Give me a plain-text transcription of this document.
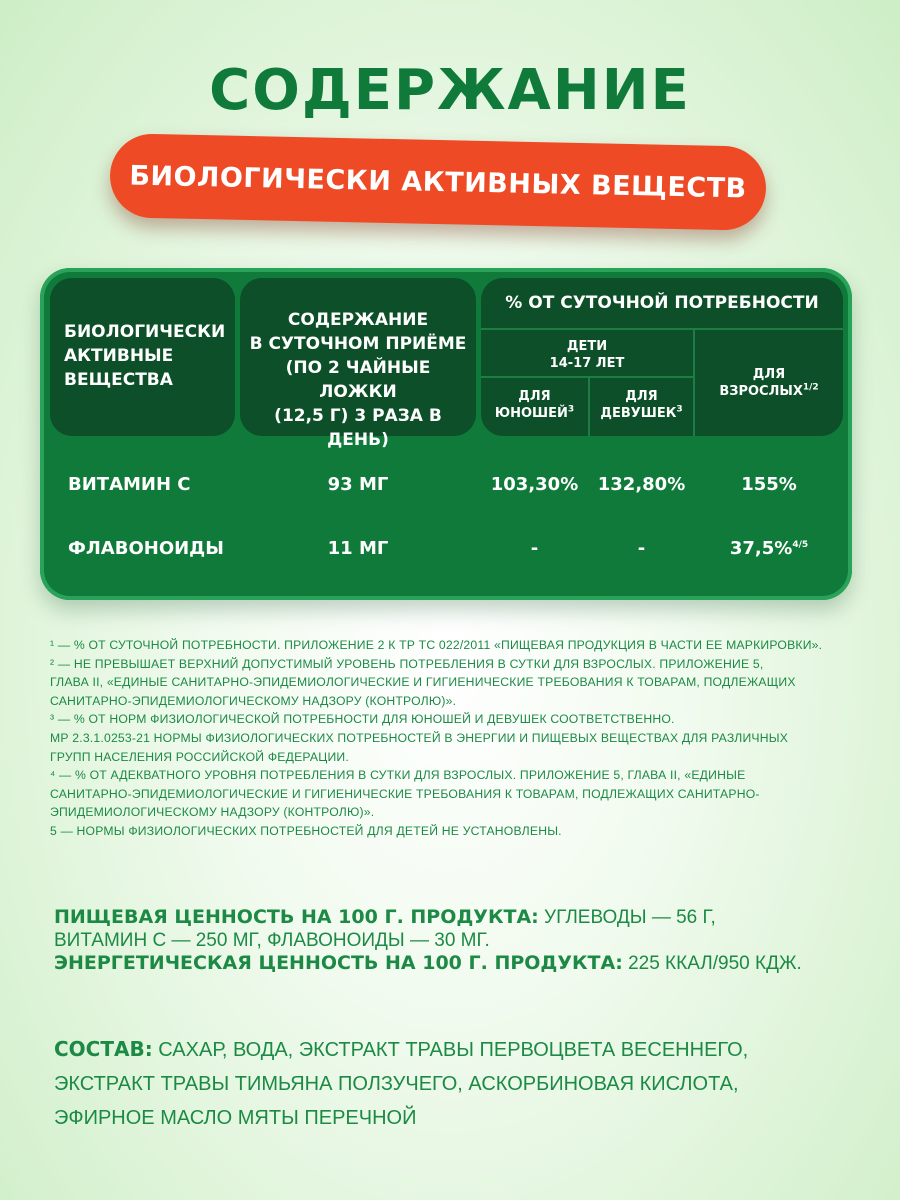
СОДЕРЖАНИЕ
БИОЛОГИЧЕСКИ АКТИВНЫХ ВЕЩЕСТВ
БИОЛОГИЧЕСКИ
АКТИВНЫЕ
ВЕЩЕСТВА
СОДЕРЖАНИЕ
В СУТОЧНОМ ПРИЁМЕ
(ПО 2 ЧАЙНЫЕ ЛОЖКИ
(12,5 Г) 3 РАЗА В ДЕНЬ)
% ОТ СУТОЧНОЙ ПОТРЕБНОСТИ
ДЕТИ
14-17 ЛЕТ
ДЛЯ
ЮНОШЕЙ$^3$
ДЛЯ
ДЕВУШЕК$^3$
ДЛЯ
$ВЗРОСЛЫХ^{1/2}$
ВИТАМИН С	93 МГ	103,30%	132,80%	155%
ФЛАВОНОИДЫ	11 МГ	-	-	37,5%$^{4/5}$
¹ — % ОТ СУТОЧНОЙ ПОТРЕБНОСТИ. ПРИЛОЖЕНИЕ 2 К ТР ТС 022/2011 «ПИЩЕВАЯ ПРОДУКЦИЯ В ЧАСТИ ЕЕ МАРКИРОВКИ».
² — НЕ ПРЕВЫШАЕТ ВЕРХНИЙ ДОПУСТИМЫЙ УРОВЕНЬ ПОТРЕБЛЕНИЯ В СУТКИ ДЛЯ ВЗРОСЛЫХ. ПРИЛОЖЕНИЕ 5,
ГЛАВА II, «ЕДИНЫЕ САНИТАРНО-ЭПИДЕМИОЛОГИЧЕСКИЕ И ГИГИЕНИЧЕСКИЕ ТРЕБОВАНИЯ К ТОВАРАМ, ПОДЛЕЖАЩИХ
САНИТАРНО-ЭПИДЕМИОЛОГИЧЕСКОМУ НАДЗОРУ (КОНТРОЛЮ)».
³ — % ОТ НОРМ ФИЗИОЛОГИЧЕСКОЙ ПОТРЕБНОСТИ ДЛЯ ЮНОШЕЙ И ДЕВУШЕК СООТВЕТСТВЕННО.
МР 2.3.1.0253-21 НОРМЫ ФИЗИОЛОГИЧЕСКИХ ПОТРЕБНОСТЕЙ В ЭНЕРГИИ И ПИЩЕВЫХ ВЕЩЕСТВАХ ДЛЯ РАЗЛИЧНЫХ
ГРУПП НАСЕЛЕНИЯ РОССИЙСКОЙ ФЕДЕРАЦИИ.
⁴ — % ОТ АДЕКВАТНОГО УРОВНЯ ПОТРЕБЛЕНИЯ В СУТКИ ДЛЯ ВЗРОСЛЫХ. ПРИЛОЖЕНИЕ 5, ГЛАВА II, «ЕДИНЫЕ
САНИТАРНО-ЭПИДЕМИОЛОГИЧЕСКИЕ И ГИГИЕНИЧЕСКИЕ ТРЕБОВАНИЯ К ТОВАРАМ, ПОДЛЕЖАЩИХ САНИТАРНО-
ЭПИДЕМИОЛОГИЧЕСКОМУ НАДЗОРУ (КОНТРОЛЮ)».
5 — НОРМЫ ФИЗИОЛОГИЧЕСКИХ ПОТРЕБНОСТЕЙ ДЛЯ ДЕТЕЙ НЕ УСТАНОВЛЕНЫ.
ПИЩЕВАЯ ЦЕННОСТЬ НА 100 Г. ПРОДУКТА: УГЛЕВОДЫ — 56 Г,
ВИТАМИН С — 250 МГ, ФЛАВОНОИДЫ — 30 МГ.
ЭНЕРГЕТИЧЕСКАЯ ЦЕННОСТЬ НА 100 Г. ПРОДУКТА: 225 ККАЛ/950 КДЖ.
СОСТАВ: САХАР, ВОДА, ЭКСТРАКТ ТРАВЫ ПЕРВОЦВЕТА ВЕСЕННЕГО,
ЭКСТРАКТ ТРАВЫ ТИМЬЯНА ПОЛЗУЧЕГО, АСКОРБИНОВАЯ КИСЛОТА,
ЭФИРНОЕ МАСЛО МЯТЫ ПЕРЕЧНОЙ
